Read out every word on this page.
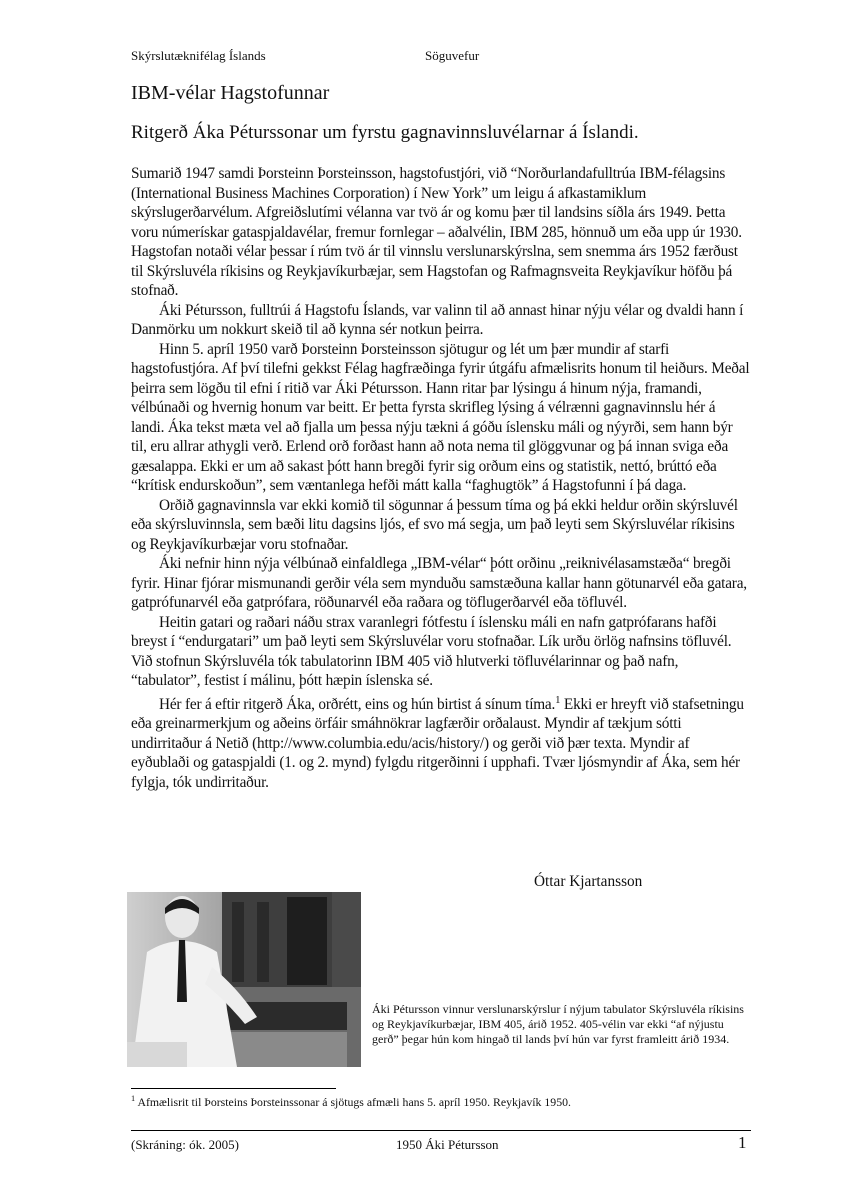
Skýrslutæknifélag Íslands	Söguvefur
IBM-vélar Hagstofunnar
Ritgerð Áka Péturssonar um fyrstu gagnavinnsluvélarnar á Íslandi.

Sumarið 1947 samdi Þorsteinn Þorsteinsson, hagstofustjóri, við “Norðurlandafulltrúa IBM-félagsins (International Business Machines Corporation) í New York” um leigu á afkastamiklum skýrslugerðarvélum. Afgreiðslutími vélanna var tvö ár og komu þær til landsins síðla árs 1949. Þetta voru númerískar gataspjaldavélar, fremur fornlegar – aðalvélin, IBM 285, hönnuð um eða upp úr 1930. Hagstofan notaði vélar þessar í rúm tvö ár til vinnslu verslunarskýrslna, sem snemma árs 1952 færðust til Skýrsluvéla ríkisins og Reykjavíkurbæjar, sem Hagstofan og Rafmagnsveita Reykjavíkur höfðu þá stofnað.

Áki Pétursson, fulltrúi á Hagstofu Íslands, var valinn til að annast hinar nýju vélar og dvaldi hann í Danmörku um nokkurt skeið til að kynna sér notkun þeirra.

Hinn 5. apríl 1950 varð Þorsteinn Þorsteinsson sjötugur og lét um þær mundir af starfi hagstofustjóra. Af því tilefni gekkst Félag hagfræðinga fyrir útgáfu afmælisrits honum til heiðurs. Meðal þeirra sem lögðu til efni í ritið var Áki Pétursson. Hann ritar þar lýsingu á hinum nýja, framandi, vélbúnaði og hvernig honum var beitt. Er þetta fyrsta skrifleg lýsing á vélrænni gagnavinnslu hér á landi. Áka tekst mæta vel að fjalla um þessa nýju tækni á góðu íslensku máli og nýyrði, sem hann býr til, eru allrar athygli verð. Erlend orð forðast hann að nota nema til glöggvunar og þá innan sviga eða gæsalappa. Ekki er um að sakast þótt hann bregði fyrir sig orðum eins og statistik, nettó, brúttó eða “krítisk endurskoðun”, sem væntanlega hefði mátt kalla “faghugtök” á Hagstofunni í þá daga.

Orðið gagnavinnsla var ekki komið til sögunnar á þessum tíma og þá ekki heldur orðin skýrsluvél eða skýrsluvinnsla, sem bæði litu dagsins ljós, ef svo má segja, um það leyti sem Skýrsluvélar ríkisins og Reykjavíkurbæjar voru stofnaðar.

Áki nefnir hinn nýja vélbúnað einfaldlega „IBM-vélar“ þótt orðinu „reiknivélasamstæða“ bregði fyrir. Hinar fjórar mismunandi gerðir véla sem mynduðu samstæðuna kallar hann götunarvél eða gatara, gatprófunarvél eða gatprófara, röðunarvél eða raðara og töflugerðarvél eða töfluvél.

Heitin gatari og raðari náðu strax varanlegri fótfestu í íslensku máli en nafn gatprófarans hafði breyst í “endurgatari” um það leyti sem Skýrsluvélar voru stofnaðar. Lík urðu örlög nafnsins töfluvél. Við stofnun Skýrsluvéla tók tabulatorinn IBM 405 við hlutverki töfluvélarinnar og það nafn, “tabulator”, festist í málinu, þótt hæpin íslenska sé.

Hér fer á eftir ritgerð Áka, orðrétt, eins og hún birtist á sínum tíma.$^1$ Ekki er hreyft við stafsetningu eða greinarmerkjum og aðeins örfáir smáhnökrar lagfærðir orðalaust. Myndir af tækjum sótti undirritaður á Netið (http://www.columbia.edu/acis/history/) og gerði við þær texta. Myndir af eyðublaði og gataspjaldi (1. og 2. mynd) fylgdu ritgerðinni í upphafi. Tvær ljósmyndir af Áka, sem hér fylgja, tók undirritaður.

Óttar Kjartansson
Áki Pétursson vinnur verslunarskýrslur í nýjum tabulator Skýrsluvéla ríkisins og Reykjavíkurbæjar, IBM 405, árið 1952. 405-vélin var ekki “af nýjustu gerð” þegar hún kom hingað til lands því hún var fyrst framleitt árið 1934.
$^1$ Afmælisrit til Þorsteins Þorsteinssonar á sjötugs afmæli hans 5. apríl 1950. Reykjavík 1950.
(Skráning: ók. 2005)	1950 Áki Pétursson	1
